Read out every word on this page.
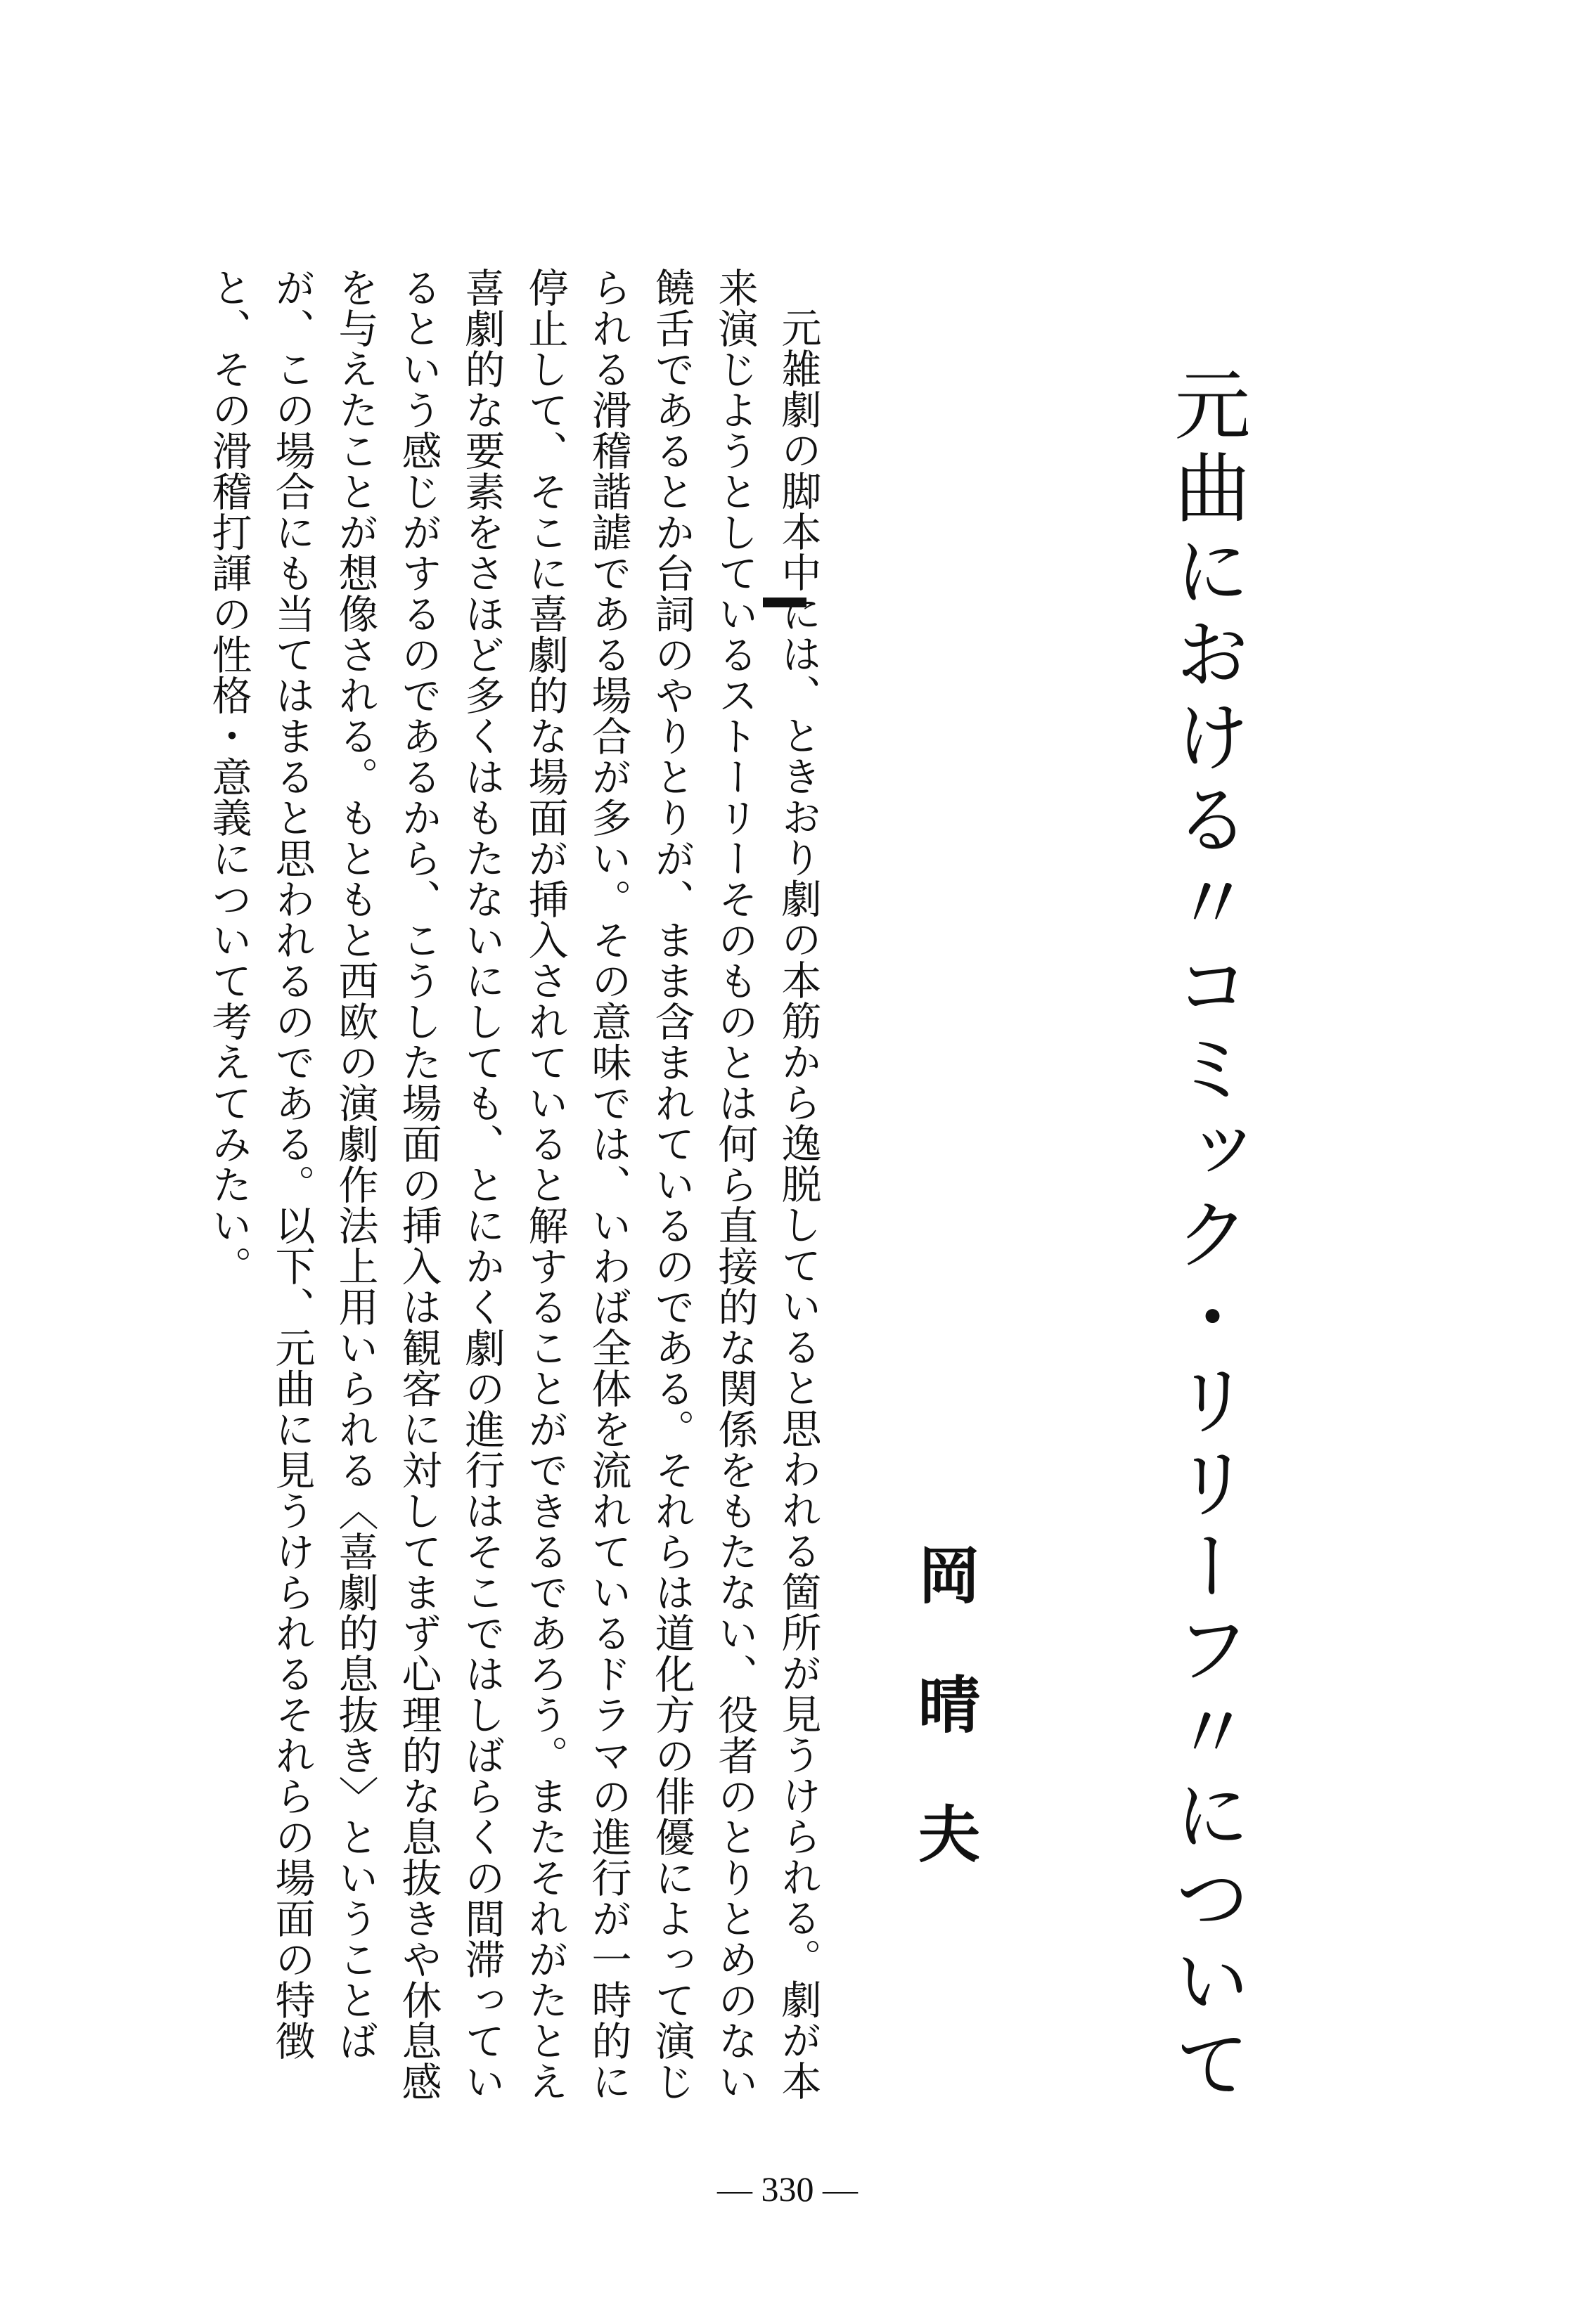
元曲における〃コミック・リリーフ〃について
岡晴夫

元雑劇の脚本中には、ときおり劇の本筋から逸脱していると思われる箇所が見うけられる。劇が本来演じようとしているストーリーそのものとは何ら直接的な関係をもたない、役者のとりとめのない饒舌であるとか台詞のやりとりが、まま含まれているのである。それらは道化方の俳優によって演じられる滑稽諧謔である場合が多い。その意味では、いわば全体を流れているドラマの進行が一時的に停止して、そこに喜劇的な場面が挿入されていると解することができるであろう。またそれがたとえ喜劇的な要素をさほど多くはもたないにしても、とにかく劇の進行はそこではしばらくの間滞っているという感じがするのであるから、こうした場面の挿入は観客に対してまず心理的な息抜きや休息感を与えたことが想像される。もともと西欧の演劇作法上用いられる〈喜劇的息抜き〉ということばが、この場合にも当てはまると思われるのである。以下、元曲に見うけられるそれらの場面の特徴と、その滑稽打諢の性格・意義について考えてみたい。

— 330 —
